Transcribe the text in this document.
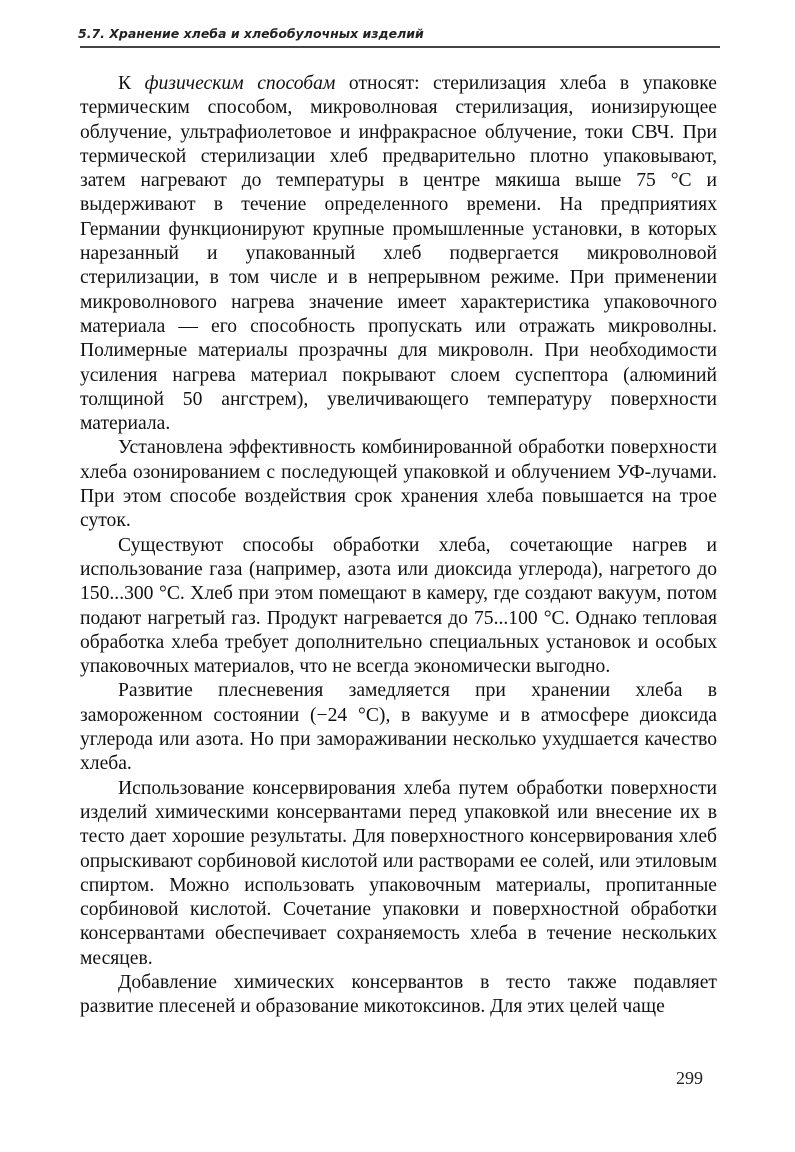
5.7. Хранение хлеба и хлебобулочных изделий

К физическим способам относят: стерилизация хлеба в упаковке термическим способом, микроволновая стерилизация, ионизирующее облучение, ультрафиолетовое и инфракрасное облучение, токи СВЧ. При термической стерилизации хлеб предварительно плотно упаковывают, затем нагревают до температуры в центре мякиша выше 75 °С и выдерживают в течение определенного времени. На предприятиях Германии функционируют крупные промышленные установки, в которых нарезанный и упакованный хлеб подвергается микроволновой стерилизации, в том числе и в непрерывном режиме. При применении микроволнового нагрева значение имеет характеристика упаковочного материала — его способность пропускать или отражать микроволны. Полимерные материалы прозрачны для микроволн. При необходимости усиления нагрева материал покрывают слоем суспептора (алюминий толщиной 50 ангстрем), увеличивающего температуру поверхности материала.

Установлена эффективность комбинированной обработки поверхности хлеба озонированием с последующей упаковкой и облучением УФ-лучами. При этом способе воздействия срок хранения хлеба повышается на трое суток.

Существуют способы обработки хлеба, сочетающие нагрев и использование газа (например, азота или диоксида углерода), нагретого до 150...300 °С. Хлеб при этом помещают в камеру, где создают вакуум, потом подают нагретый газ. Продукт нагревается до 75...100 °С. Однако тепловая обработка хлеба требует дополнительно специальных установок и особых упаковочных материалов, что не всегда экономически выгодно.

Развитие плесневения замедляется при хранении хлеба в замороженном состоянии (−24 °С), в вакууме и в атмосфере диоксида углерода или азота. Но при замораживании несколько ухудшается качество хлеба.

Использование консервирования хлеба путем обработки поверхности изделий химическими консервантами перед упаковкой или внесение их в тесто дает хорошие результаты. Для поверхностного консервирования хлеб опрыскивают сорбиновой кислотой или растворами ее солей, или этиловым спиртом. Можно использовать упаковочным материалы, пропитанные сорбиновой кислотой. Сочетание упаковки и поверхностной обработки консервантами обеспечивает сохраняемость хлеба в течение нескольких месяцев.

Добавление химических консервантов в тесто также подавляет развитие плесеней и образование микотоксинов. Для этих целей чаще

299
